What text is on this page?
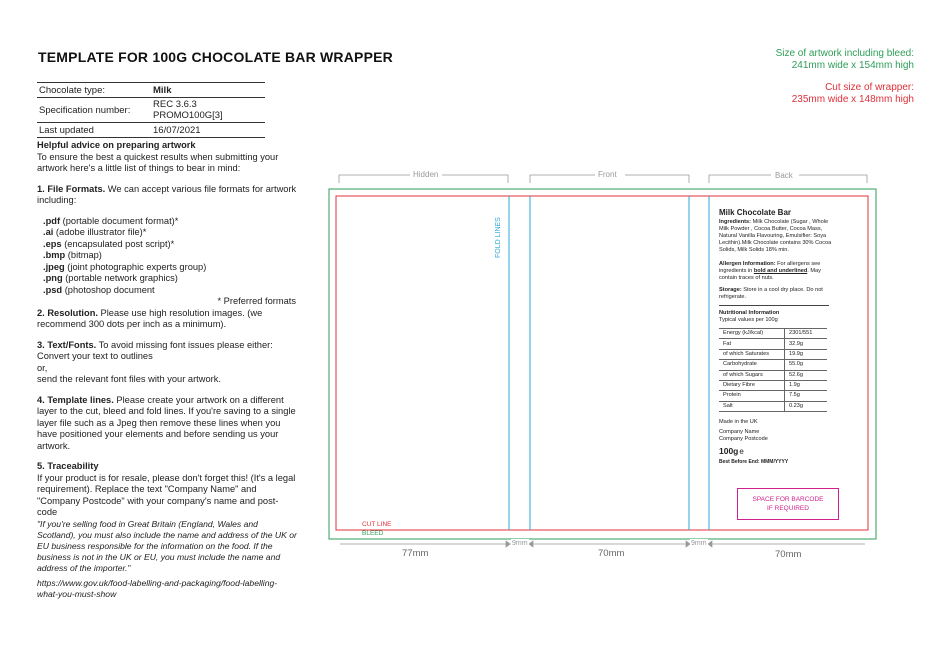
TEMPLATE FOR 100G CHOCOLATE BAR WRAPPER	Size of artwork including bleed:
241mm wide x 154mm high
Cut size of wrapper:
235mm wide x 148mm high
Chocolate type:	Milk
Specification number:	REC 3.6.3 PROMO100G[3]
Last updated	16/07/2021

Helpful advice on preparing artwork

To ensure the best a quickest results when submitting your artwork here's a little list of things to bear in mind:

1. File Formats. We can accept various file formats for artwork including:

.pdf (portable document format)*

.ai (adobe illustrator file)*

.eps (encapsulated post script)*

.bmp (bitmap)

.jpeg (joint photographic experts group)

.png (portable network graphics)

.psd (photoshop document

* Preferred formats

2. Resolution. Please use high resolution images. (we recommend 300 dots per inch as a minimum).

3. Text/Fonts. To avoid missing font issues please either:

Convert your text to outlines

or,

send the relevant font files with your artwork.

4. Template lines. Please create your artwork on a different layer to the cut, bleed and fold lines. If you're saving to a single layer file such as a Jpeg then remove these lines when you have positioned your elements and before sending us your artwork.

5. Traceability

If your product is for resale, please don't forget this! (It's a legal requirement). Replace the text "Company Name" and "Company Postcode" with your company's name and post-code

"If you're selling food in Great Britain (England, Wales and Scotland), you must also include the name and address of the UK or EU business responsible for the information on the food. If the business is not in the UK or EU, you must include the name and address of the importer."

https://www.gov.uk/food-labelling-and-packaging/food-labelling-what-you-must-show

Hidden	Front	Back
FOLD LINES
CUT LINE
BLEED
77mm
9mm
70mm
9mm
70mm

Milk Chocolate Bar

Ingredients: Milk Chocolate (Sugar , Whole Milk Powder , Cocoa Butter, Cocoa Mass, Natural Vanilla Flavouring, Emulsifier: Soya Lecithin).Milk Chocolate contains 30% Cocoa Solids, Milk Solids 18% min.

Allergen Information: For allergens see ingredients in bold and underlined. May contain traces of nuts.

Storage: Store in a cool dry place. Do not refrigerate.

Nutritional Information

Typical values per 100g

Energy (kJ/kcal)	2301/551
Fat	32.9g
of which Saturates	19.9g
Carbohydrate	55.0g
of which Sugars	52.6g
Dietary Fibre	1.9g
Protein	7.5g
Salt	0.23g

Made in the UK

Company Name

Company Postcode

100ge

Best Before End: MMM/YYYY

SPACE FOR BARCODE
IF REQUIRED
